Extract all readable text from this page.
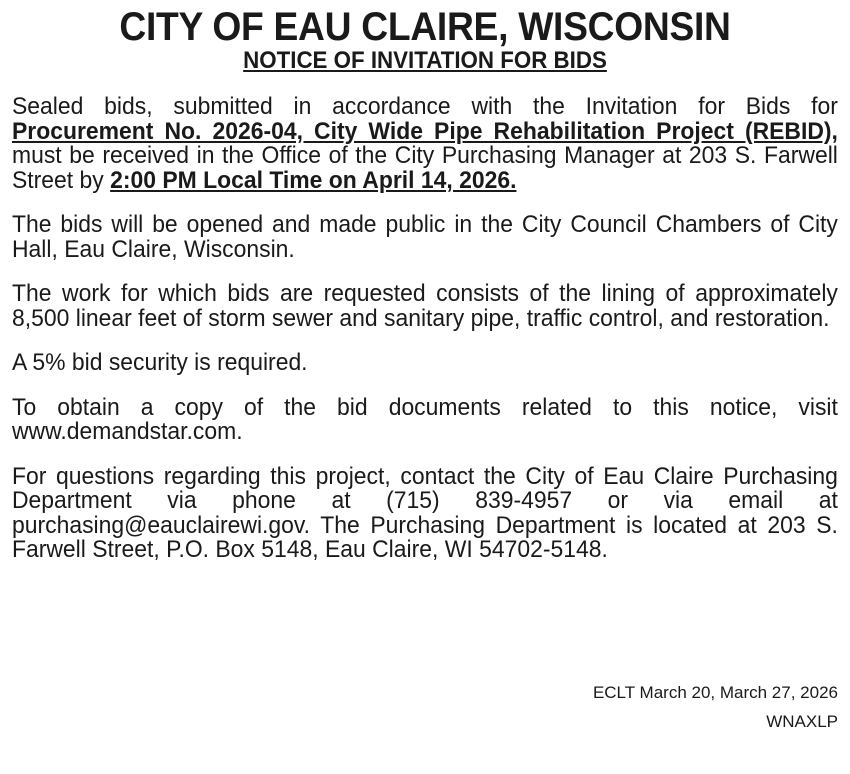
CITY OF EAU CLAIRE, WISCONSIN
NOTICE OF INVITATION FOR BIDS

Sealed bids, submitted in accordance with the Invitation for Bids for Procurement No. 2026-04, City Wide Pipe Rehabilitation Project (REBID), must be received in the Office of the City Purchasing Manager at 203 S. Farwell Street by 2:00 PM Local Time on April 14, 2026.

The bids will be opened and made public in the City Council Chambers of City Hall, Eau Claire, Wisconsin.

The work for which bids are requested consists of the lining of approximately 8,500 linear feet of storm sewer and sanitary pipe, traffic control, and restoration.

A 5% bid security is required.

To obtain a copy of the bid documents related to this notice, visit www.demandstar.com.

For questions regarding this project, contact the City of Eau Claire Purchasing Department via phone at (715) 839-4957 or via email at purchasing@eauclairewi.gov. The Purchasing Department is located at 203 S. Farwell Street, P.O. Box 5148, Eau Claire, WI 54702-5148.

ECLT March 20, March 27, 2026
WNAXLP
